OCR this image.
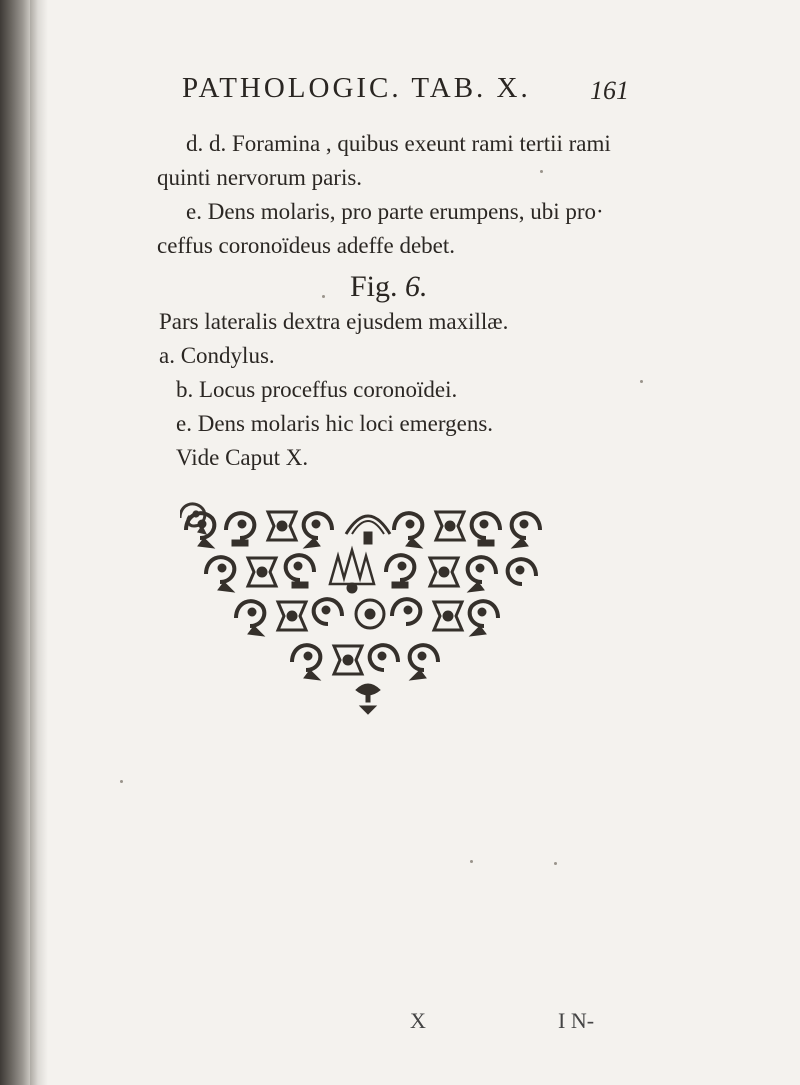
PATHOLOGIC. TAB. X. 161
d. d. Foramina , quibus exeunt rami tertii rami
quinti nervorum paris.
e. Dens molaris, pro parte erumpens, ubi pro·
ceffus coronoïdeus adeffe debet.
Fig. 6.
Pars lateralis dextra ejusdem maxillæ.
a. Condylus.
b. Locus proceffus coronoïdei.
e. Dens molaris hic loci emergens.
Vide Caput X.
X	I N-
